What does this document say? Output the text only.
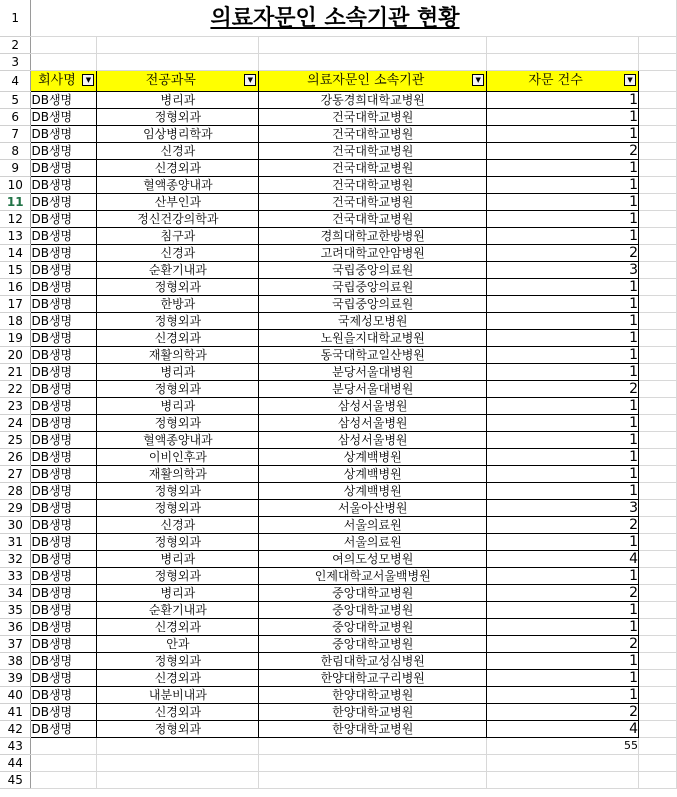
1	의료자문인 소속기관 현황				
2					
3					
4	회사명 ▼	전공과목 ▼	의료자문인 소속기관 ▼	자문 건수 ▼	

5	DB생명	병리과	강동경희대학교병원	1	
6	DB생명	정형외과	건국대학교병원	1	
7	DB생명	임상병리학과	건국대학교병원	1	
8	DB생명	신경과	건국대학교병원	2	
9	DB생명	신경외과	건국대학교병원	1	
10	DB생명	혈액종양내과	건국대학교병원	1	
11	DB생명	산부인과	건국대학교병원	1	
12	DB생명	정신건강의학과	건국대학교병원	1	
13	DB생명	침구과	경희대학교한방병원	1	
14	DB생명	신경과	고려대학교안암병원	2	
15	DB생명	순환기내과	국립중앙의료원	3	
16	DB생명	정형외과	국립중앙의료원	1	
17	DB생명	한방과	국립중앙의료원	1	
18	DB생명	정형외과	국제성모병원	1	
19	DB생명	신경외과	노원을지대학교병원	1	
20	DB생명	재활의학과	동국대학교일산병원	1	
21	DB생명	병리과	분당서울대병원	1	
22	DB생명	정형외과	분당서울대병원	2	
23	DB생명	병리과	삼성서울병원	1	
24	DB생명	정형외과	삼성서울병원	1	
25	DB생명	혈액종양내과	삼성서울병원	1	
26	DB생명	이비인후과	상계백병원	1	
27	DB생명	재활의학과	상계백병원	1	
28	DB생명	정형외과	상계백병원	1	
29	DB생명	정형외과	서울아산병원	3	
30	DB생명	신경과	서울의료원	2	
31	DB생명	정형외과	서울의료원	1	
32	DB생명	병리과	여의도성모병원	4	
33	DB생명	정형외과	인제대학교서울백병원	1	
34	DB생명	병리과	중앙대학교병원	2	
35	DB생명	순환기내과	중앙대학교병원	1	
36	DB생명	신경외과	중앙대학교병원	1	
37	DB생명	안과	중앙대학교병원	2	
38	DB생명	정형외과	한림대학교성심병원	1	
39	DB생명	신경외과	한양대학교구리병원	1	
40	DB생명	내분비내과	한양대학교병원	1	
41	DB생명	신경외과	한양대학교병원	2	
42	DB생명	정형외과	한양대학교병원	4	
43				55	
44					
45					
